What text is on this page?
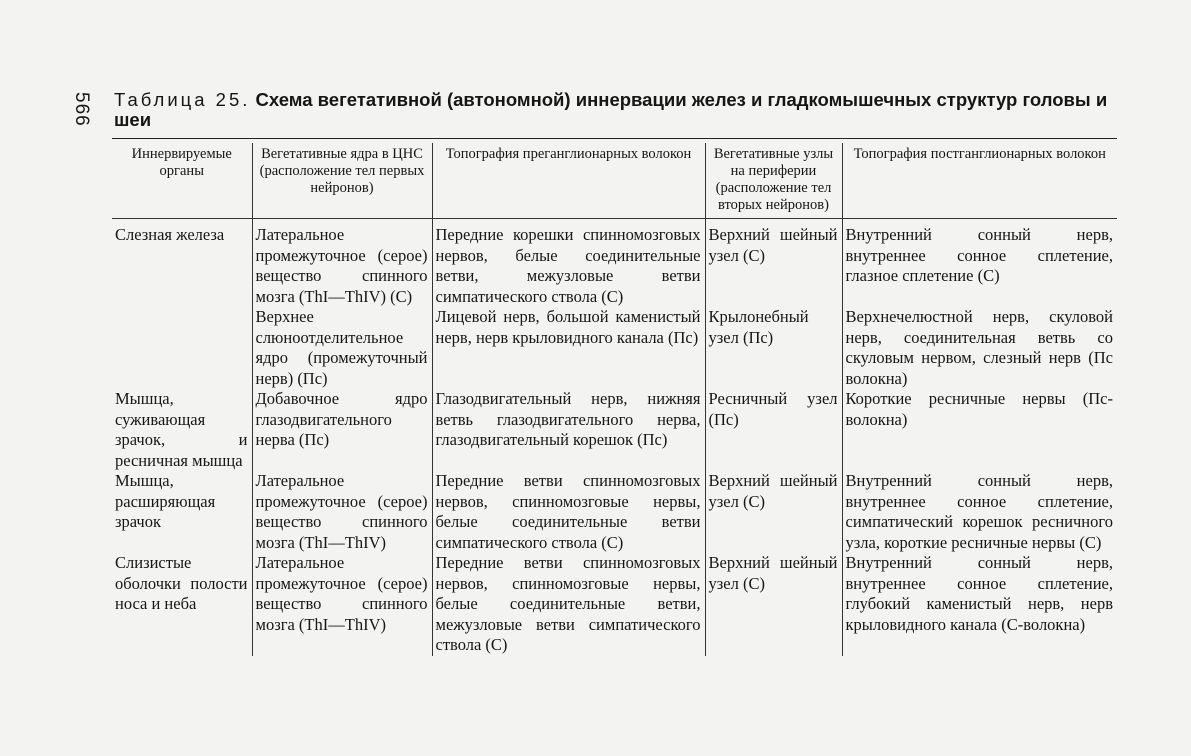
566 Таблица 25. Схема вегетативной (автономной) иннервации желез и гладкомышечных структур головы и шеи
Иннервируемые органы	Вегетативные ядра в ЦНС (расположение тел первых нейронов)	Топография преганглионарных волокон	Вегетативные узлы на периферии (расположение тел вторых нейронов)	Топография постганглионарных волокон
Слезная железа	Латеральное промежуточное (серое) вещество спинного мозга (ThI—ThIV) (С)	Передние корешки спинномозговых нервов, белые соединительные ветви, межузловые ветви симпатического ствола (С)	Верхний шейный узел (С)	Внутренний сонный нерв, внутреннее сонное сплетение, глазное сплетение (С)
	Верхнее слюноотделительное ядро (промежуточный нерв) (Пс)	Лицевой нерв, большой каменистый нерв, нерв крыловидного канала (Пс)	Крылонебный узел (Пс)	Верхнечелюстной нерв, скуловой нерв, соединительная ветвь со скуловым нервом, слезный нерв (Пс волокна)
Мышца, суживающая зрачок, и ресничная мышца	Добавочное ядро глазодвигательного нерва (Пс)	Глазодвигательный нерв, нижняя ветвь глазодвигательного нерва, глазодвигательный корешок (Пс)	Ресничный узел (Пс)	Короткие ресничные нервы (Пс-волокна)
Мышца, расширяющая зрачок	Латеральное промежуточное (серое) вещество спинного мозга (ThI—ThIV)	Передние ветви спинномозговых нервов, спинномозговые нервы, белые соединительные ветви симпатического ствола (С)	Верхний шейный узел (С)	Внутренний сонный нерв, внутреннее сонное сплетение, симпатический корешок ресничного узла, короткие ресничные нервы (С)
Слизистые оболочки полости носа и неба	Латеральное промежуточное (серое) вещество спинного мозга (ThI—ThIV)	Передние ветви спинномозговых нервов, спинномозговые нервы, белые соединительные ветви, межузловые ветви симпатического ствола (С)	Верхний шейный узел (С)	Внутренний сонный нерв, внутреннее сонное сплетение, глубокий каменистый нерв, нерв крыловидного канала (С-волокна)
